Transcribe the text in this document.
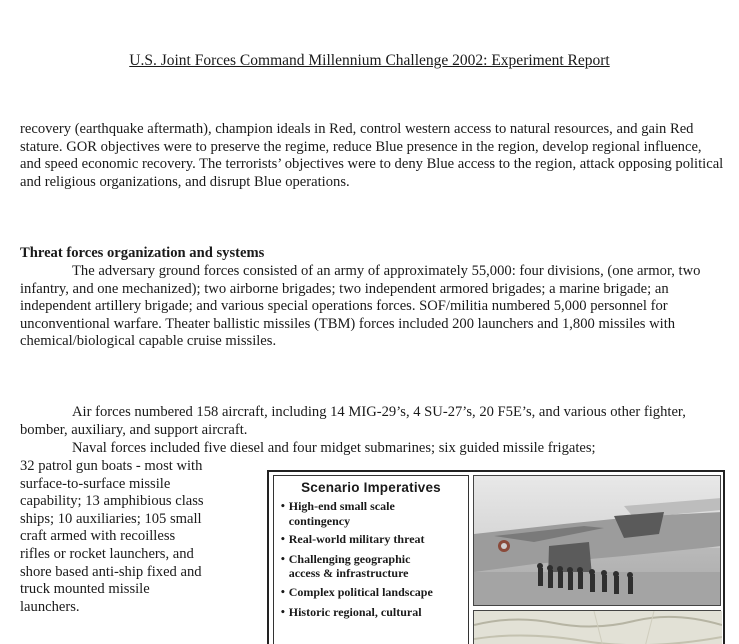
U.S. Joint Forces Command Millennium Challenge 2002: Experiment Report

recovery (earthquake aftermath), champion ideals in Red, control western access to natural resources, and gain Red stature. GOR objectives were to preserve the regime, reduce Blue presence in the region, develop regional influence, and speed economic recovery. The terrorists’ objectives were to deny Blue access to the region, attack opposing political and religious organizations, and disrupt Blue operations.

Threat forces organization and systems

The adversary ground forces consisted of an army of approximately 55,000: four divisions, (one armor, two infantry, and one mechanized); two airborne brigades; two independent armored brigades; a marine brigade; an independent artillery brigade; and various special operations forces. SOF/militia numbered 5,000 personnel for unconventional warfare. Theater ballistic missiles (TBM) forces included 200 launchers and 1,800 missiles with chemical/biological capable cruise missiles.

Air forces numbered 158 aircraft, including 14 MIG-29’s, 4 SU-27’s, 20 F5E’s, and various other fighter, bomber, auxiliary, and support aircraft.

Naval forces included five diesel and four midget submarines; six guided missile frigates;

32 patrol gun boats - most with
surface-to-surface missile
capability; 13 amphibious class
ships; 10 auxiliaries; 105 small
craft armed with recoilless
rifles or rocket launchers, and
shore based anti-ship fixed and
truck mounted missile
launchers.

Scenario Imperatives
• High-end small scale
contingency
• Real-world military threat
• Challenging geographic
access & infrastructure
• Complex political landscape
• Historic regional, cultural
